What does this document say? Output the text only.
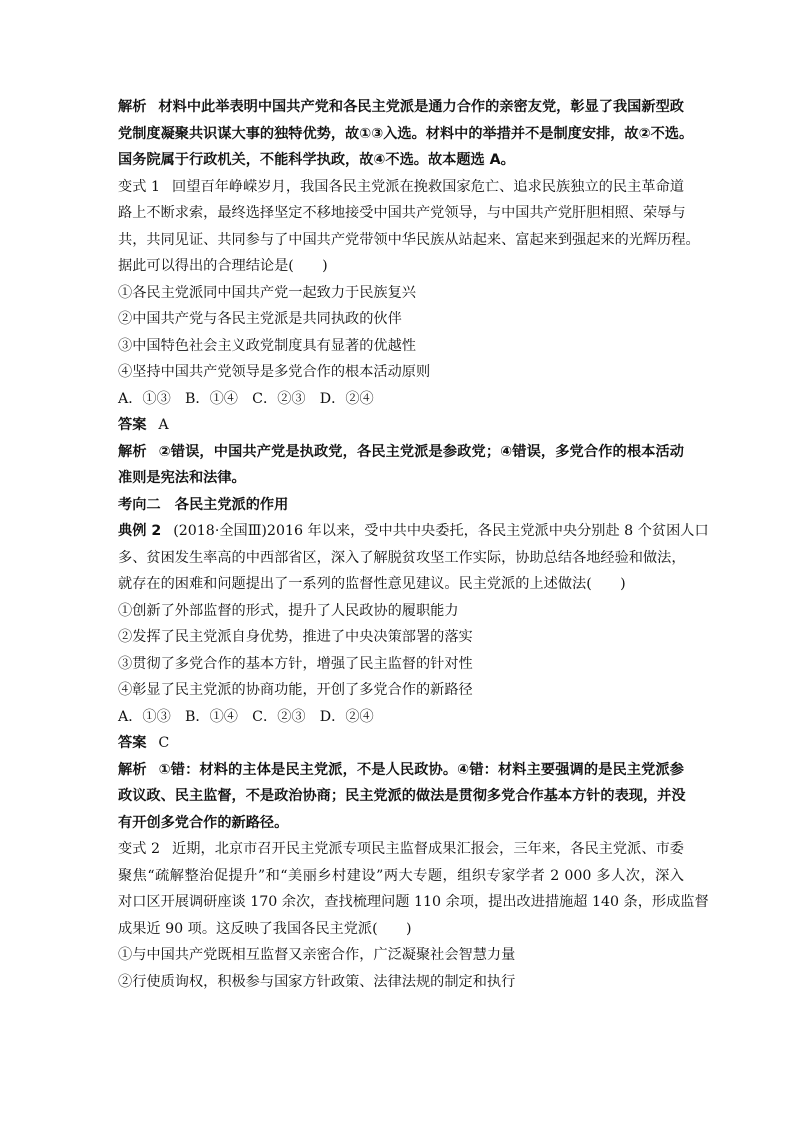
解析 材料中此举表明中国共产党和各民主党派是通力合作的亲密友党，彰显了我国新型政
党制度凝聚共识谋大事的独特优势，故①③入选。材料中的举措并不是制度安排，故②不选。
国务院属于行政机关，不能科学执政，故④不选。故本题选 A。
变式 1 回望百年峥嵘岁月，我国各民主党派在挽救国家危亡、追求民族独立的民主革命道
路上不断求索，最终选择坚定不移地接受中国共产党领导，与中国共产党肝胆相照、荣辱与
共，共同见证、共同参与了中国共产党带领中华民族从站起来、富起来到强起来的光辉历程。
据此可以得出的合理结论是(　　)
①各民主党派同中国共产党一起致力于民族复兴
②中国共产党与各民主党派是共同执政的伙伴
③中国特色社会主义政党制度具有显著的优越性
④坚持中国共产党领导是多党合作的根本活动原则
A．①③　B．①④　C．②③　D．②④
答案 A
解析 ②错误，中国共产党是执政党，各民主党派是参政党；④错误，多党合作的根本活动
准则是宪法和法律。
考向二　各民主党派的作用
典例 2 (2018·全国Ⅲ)2016 年以来，受中共中央委托，各民主党派中央分别赴 8 个贫困人口
多、贫困发生率高的中西部省区，深入了解脱贫攻坚工作实际，协助总结各地经验和做法，
就存在的困难和问题提出了一系列的监督性意见建议。民主党派的上述做法(　　)
①创新了外部监督的形式，提升了人民政协的履职能力
②发挥了民主党派自身优势，推进了中央决策部署的落实
③贯彻了多党合作的基本方针，增强了民主监督的针对性
④彰显了民主党派的协商功能，开创了多党合作的新路径
A．①③　B．①④　C．②③　D．②④
答案 C
解析 ①错：材料的主体是民主党派，不是人民政协。④错：材料主要强调的是民主党派参
政议政、民主监督，不是政治协商；民主党派的做法是贯彻多党合作基本方针的表现，并没
有开创多党合作的新路径。
变式 2 近期，北京市召开民主党派专项民主监督成果汇报会，三年来，各民主党派、市委
聚焦“疏解整治促提升”和“美丽乡村建设”两大专题，组织专家学者 2 000 多人次，深入
对口区开展调研座谈 170 余次，查找梳理问题 110 余项，提出改进措施超 140 条，形成监督
成果近 90 项。这反映了我国各民主党派(　　)
①与中国共产党既相互监督又亲密合作，广泛凝聚社会智慧力量
②行使质询权，积极参与国家方针政策、法律法规的制定和执行
